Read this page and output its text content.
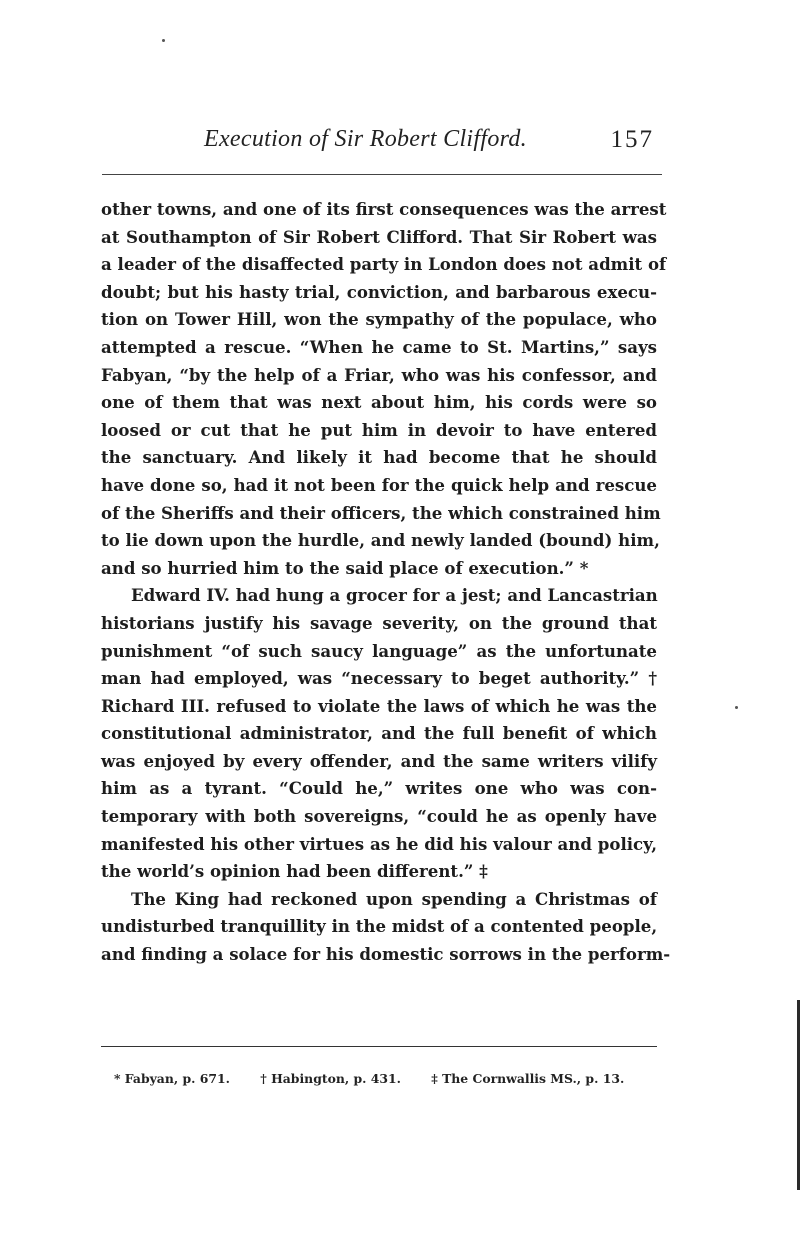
Execution of Sir Robert Clifford.	157

other towns, and one of its first consequences was the arrest
at Southampton of Sir Robert Clifford. That Sir Robert was
a leader of the disaffected party in London does not admit of
doubt; but his hasty trial, conviction, and barbarous execu-
tion on Tower Hill, won the sympathy of the populace, who
attempted a rescue. “When he came to St. Martins,” says
Fabyan, “by the help of a Friar, who was his confessor, and
one of them that was next about him, his cords were so
loosed or cut that he put him in devoir to have entered
the sanctuary. And likely it had become that he should
have done so, had it not been for the quick help and rescue
of the Sheriffs and their officers, the which constrained him
to lie down upon the hurdle, and newly landed (bound) him,
and so hurried him to the said place of execution.” *

Edward IV. had hung a grocer for a jest; and Lancastrian
historians justify his savage severity, on the ground that
punishment “of such saucy language” as the unfortunate
man had employed, was “necessary to beget authority.” †
Richard III. refused to violate the laws of which he was the
constitutional administrator, and the full benefit of which
was enjoyed by every offender, and the same writers vilify
him as a tyrant. “Could he,” writes one who was con-
temporary with both sovereigns, “could he as openly have
manifested his other virtues as he did his valour and policy,
the world’s opinion had been different.” ‡

The King had reckoned upon spending a Christmas of
undisturbed tranquillity in the midst of a contented people,
and finding a solace for his domestic sorrows in the perform-

* Fabyan, p. 671. † Habington, p. 431. ‡ The Cornwallis MS., p. 13.
